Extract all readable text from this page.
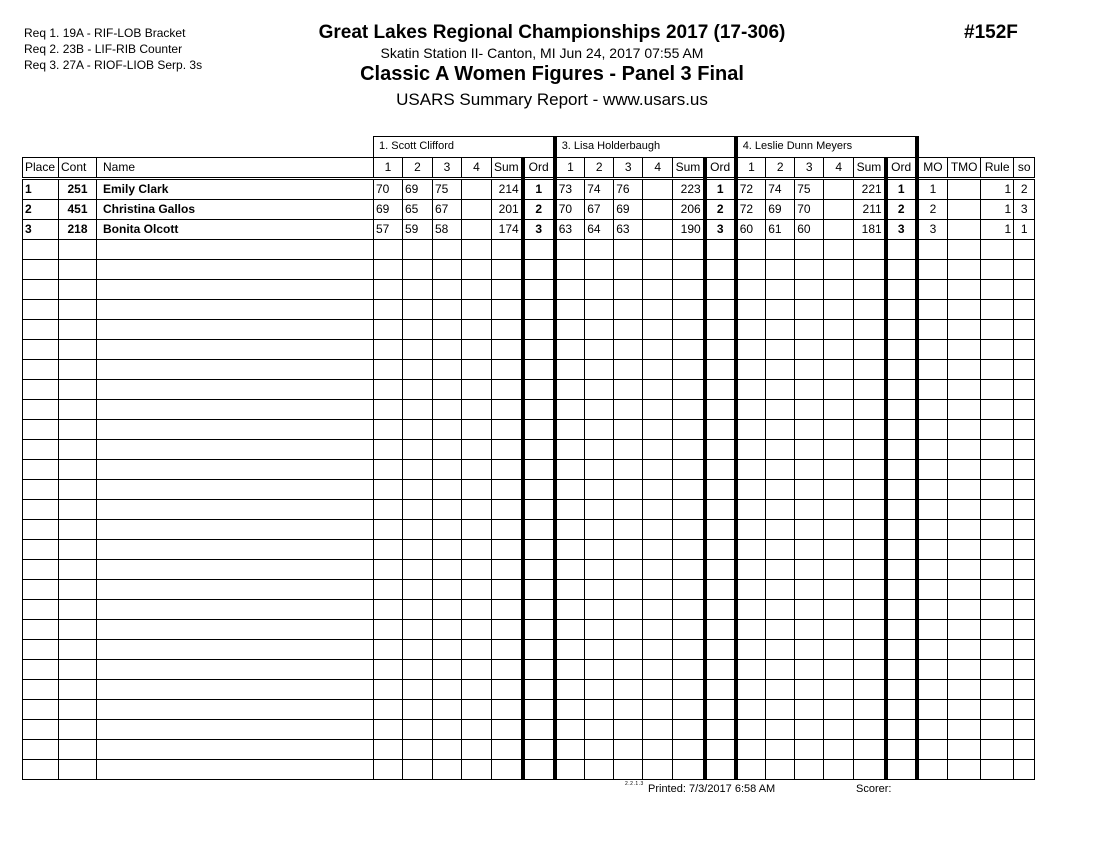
Req 1. 19A - RIF-LOB Bracket
Req 2. 23B - LIF-RIB Counter
Req 3. 27A - RIOF-LIOB Serp. 3s
Great Lakes Regional Championships 2017 (17-306)
Skatin Station II- Canton, MI Jun 24, 2017 07:55 AM
Classic A Women Figures - Panel 3 Final
USARS Summary Report - www.usars.us
#152F
			1. Scott Clifford						3. Lisa Holderbaugh						4. Leslie Dunn Meyers									
Place	Cont	Name	1	2	3	4	Sum	Ord	1	2	3	4	Sum	Ord	1	2	3	4	Sum	Ord	MO	TMO	Rule	so
1	251	Emily Clark	70	69	75		214	1	73	74	76		223	1	72	74	75		221	1	1		1	2
2	451	Christina Gallos	69	65	67		201	2	70	67	69		206	2	72	69	70		211	2	2		1	3
3	218	Bonita Olcott	57	59	58		174	3	63	64	63		190	3	60	61	60		181	3	3		1	1

2.2.1.3 Printed: 7/3/2017 6:58 AM	Scorer:
